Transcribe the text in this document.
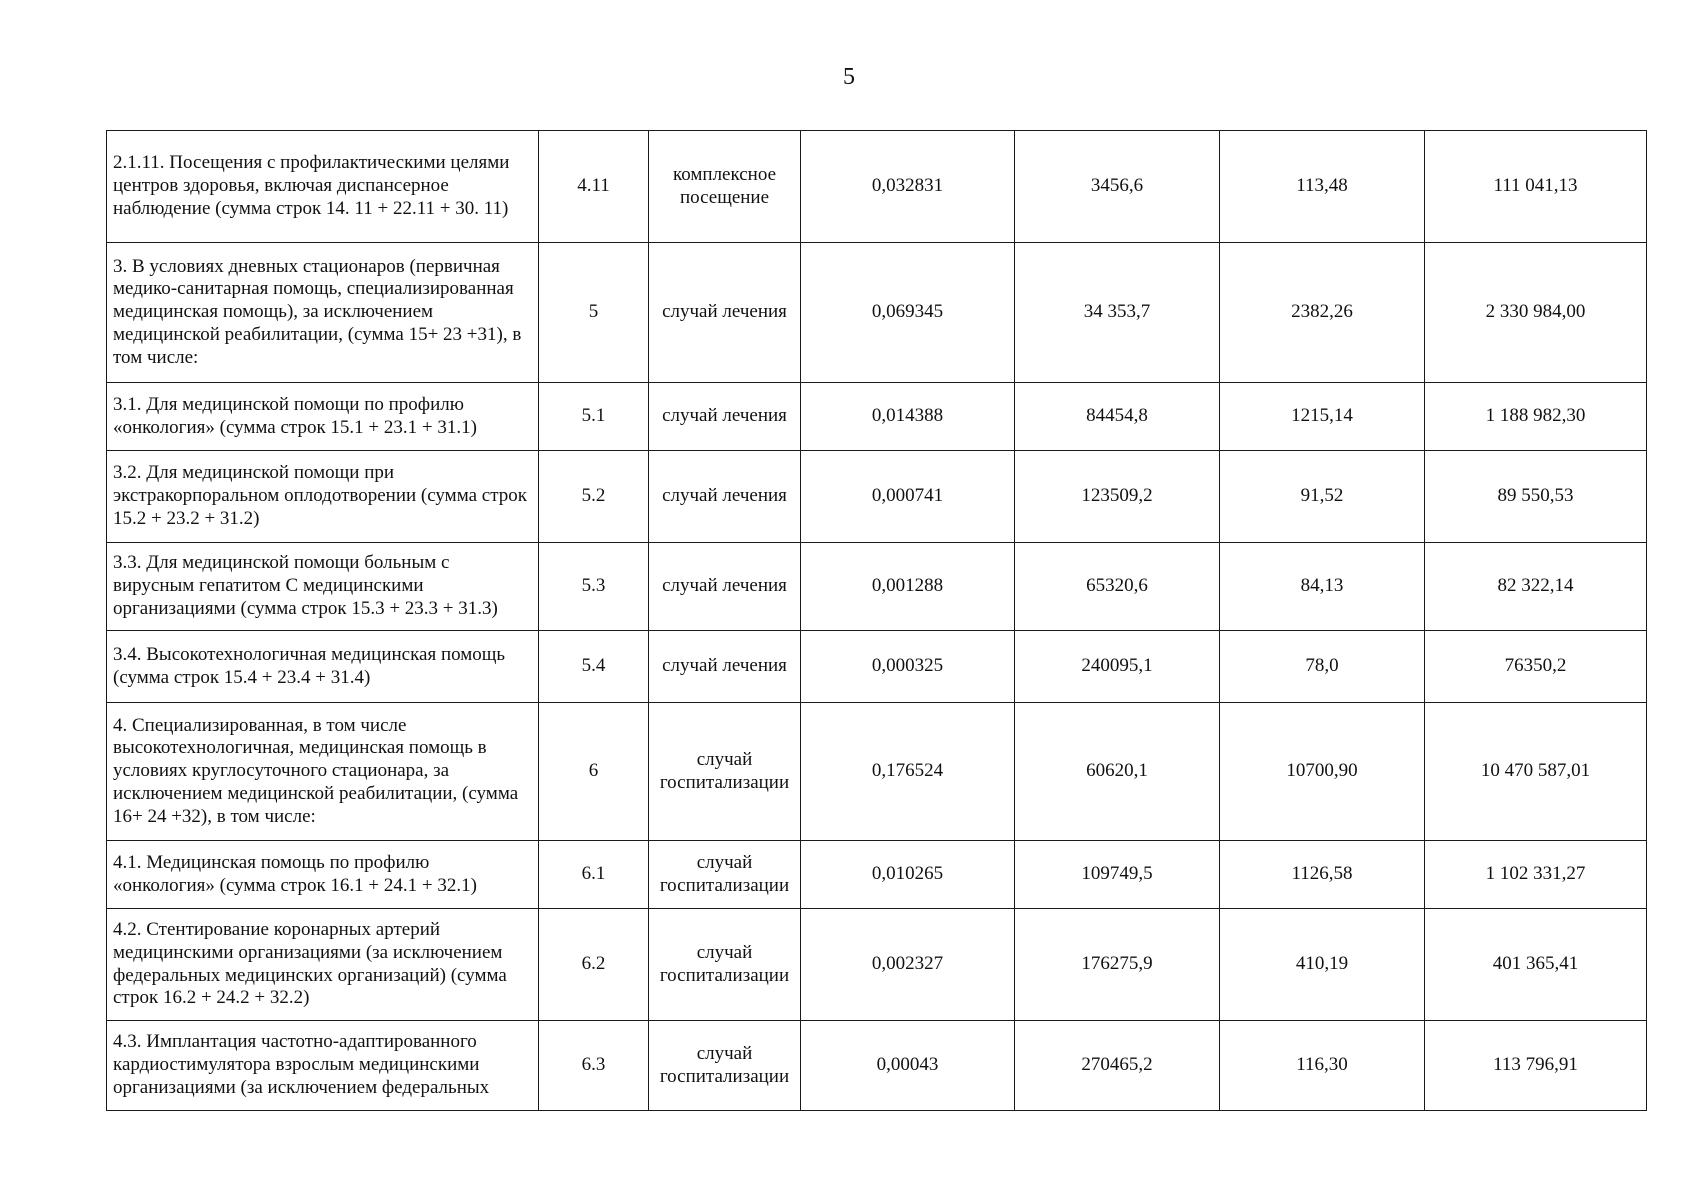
5
2.1.11. Посещения с профилактическими целями центров здоровья, включая диспансерное наблюдение (сумма строк 14. 11 + 22.11 + 30. 11)	4.11	комплексное посещение	0,032831	3456,6	113,48	111 041,13
3. В условиях дневных стационаров (первичная медико-санитарная помощь, специализированная медицинская помощь), за исключением медицинской реабилитации, (сумма 15+ 23 +31), в том числе:	5	случай лечения	0,069345	34 353,7	2382,26	2 330 984,00
3.1. Для медицинской помощи по профилю «онкология» (сумма строк 15.1 + 23.1 + 31.1)	5.1	случай лечения	0,014388	84454,8	1215,14	1 188 982,30
3.2. Для медицинской помощи при экстракорпоральном оплодотворении (сумма строк 15.2 + 23.2 + 31.2)	5.2	случай лечения	0,000741	123509,2	91,52	89 550,53
3.3. Для медицинской помощи больным с вирусным гепатитом С медицинскими организациями (сумма строк 15.3 + 23.3 + 31.3)	5.3	случай лечения	0,001288	65320,6	84,13	82 322,14
3.4. Высокотехнологичная медицинская помощь (сумма строк 15.4 + 23.4 + 31.4)	5.4	случай лечения	0,000325	240095,1	78,0	76350,2
4. Специализированная, в том числе высокотехнологичная, медицинская помощь в условиях круглосуточного стационара, за исключением медицинской реабилитации, (сумма 16+ 24 +32), в том числе:	6	случай госпитализации	0,176524	60620,1	10700,90	10 470 587,01
4.1. Медицинская помощь по профилю «онкология» (сумма строк 16.1 + 24.1 + 32.1)	6.1	случай госпитализации	0,010265	109749,5	1126,58	1 102 331,27
4.2. Стентирование коронарных артерий медицинскими организациями (за исключением федеральных медицинских организаций) (сумма строк 16.2 + 24.2 + 32.2)	6.2	случай госпитализации	0,002327	176275,9	410,19	401 365,41
4.3. Имплантация частотно-адаптированного кардиостимулятора взрослым медицинскими организациями (за исключением федеральных	6.3	случай госпитализации	0,00043	270465,2	116,30	113 796,91
